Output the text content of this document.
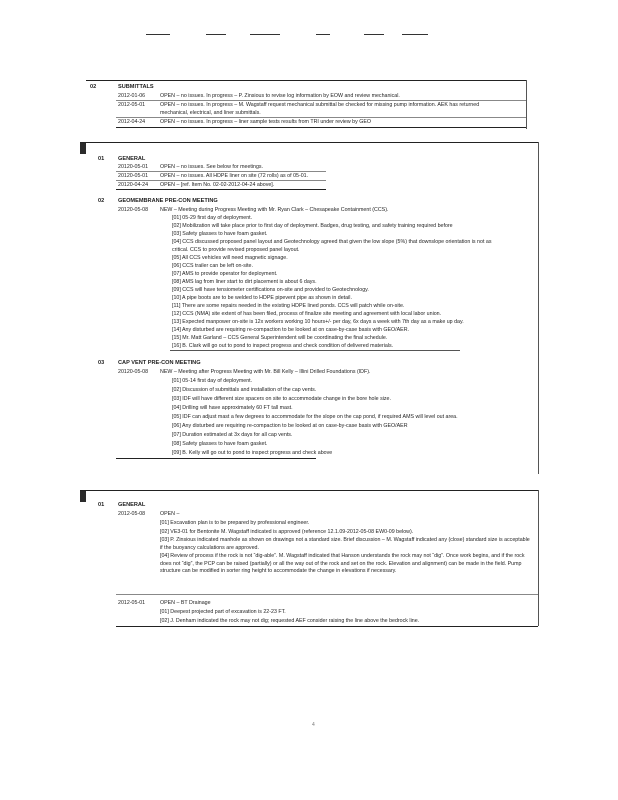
02	SUBMITTALS
2012-01-06	OPEN – no issues. In progress – P. Zinsious to revise log information by EOW and review mechanical.
2012-05-01	OPEN – no issues. In progress – M. Wagstaff request mechanical submittal be checked for missing pump information. AEK has returned
mechanical, electrical, and liner submittals.
2012-04-24	OPEN – no issues. In progress – liner sample tests results from TRI under review by GEO
01 GENERAL
20120-05-01 OPEN – no issues. See below for meetings.
20120-05-01 OPEN – no issues. All HDPE liner on site (72 rolls) as of 05-01.
20120-04-24 OPEN – [ref. Item No. 02-02-2012-04-24 above].
02 GEOMEMBRANE PRE-CON MEETING
20120-05-08 NEW – Meeting during Progress Meeting with Mr. Ryan Clark – Chesapeake Containment (CCS).
[01] 05-29 first day of deployment.
[02] Mobilization will take place prior to first day of deployment. Badges, drug testing, and safety training required before
[03] Safety glasses to have foam gasket.
[04] CCS discussed proposed panel layout and Geotechnology agreed that given the low slope (5%) that downslope orientation is not as
critical. CCS to provide revised proposed panel layout.
[05] All CCS vehicles will need magnetic signage.
[06] CCS trailer can be left on-site.
[07] AMS to provide operator for deployment.
[08] AMS lag from liner start to dirt placement is about 6 days.
[09] CCS will have tensiometer certifications on-site and provided to Geotechnology.
[10] A pipe boots are to be welded to HDPE pipevent pipe as shown in detail.
[11] There are some repairs needed in the existing HDPE lined ponds. CCS will patch while on-site.
[12] CCS (NMA) site extent of has been filed, process of finalize site meeting and agreement with local labor union.
[13] Expected manpower on-site is 12x workers working 10 hours+/- per day, 6x days a week with 7th day as a make up day.
[14] Any disturbed are requiring re-compaction to be looked at on case-by-case basis with GEO/AER.
[15] Mr. Matt Garland – CCS General Superintendent will be coordinating the final schedule.
[16] B. Clark will go out to pond to inspect progress and check condition of delivered materials.
03 CAP VENT PRE-CON MEETING
20120-05-08 NEW – Meeting after Progress Meeting with Mr. Bill Kelly – Illini Drilled Foundations (IDF).
[01] 05-14 first day of deployment.
[02] Discussion of submittals and installation of the cap vents.
[03] IDF will have different size spacers on site to accommodate change in the bore hole size.
[04] Drilling will have approximately 60 FT tall mast.
[05] IDF can adjust mast a few degrees to accommodate for the slope on the cap pond, if required AMS will level out area.
[06] Any disturbed are requiring re-compaction to be looked at on case-by-case basis with GEO/AER
[07] Duration estimated at 3x days for all cap vents.
[08] Safety glasses to have foam gasket.
[09] B. Kelly will go out to pond to inspect progress and check above
01 GENERAL
2012-05-08	OPEN –
[01] Excavation plan is to be prepared by professional engineer.
[02] VE3-01 for Bentonite M. Wagstaff indicated is approved (reference 12.1.09-2012-05-08 EW0-09 below).
[03] P. Zinsious indicated manhole as shown on drawings not a standard size. Brief discussion – M. Wagstaff indicated any (close) standard size is acceptable if the buoyancy calculations are approved.
[04] Review of process if the rock is not “dig-able”. M. Wagstaff indicated that Hanson understands the rock may not “dig”. Once work begins, and if the rock does not “dig”, the PCP can be raised (partially) or all the way out of the rock and set on the rock. Elevation and alignment) can be made in the field. Pump structure can be modified in sorter ring height to accommodate the change in elevations if necessary.
2012-05-01	OPEN – BT Drainage
[01] Deepest projected part of excavation is 22-23 FT.
[02] J. Denham indicated the rock may not dig; requested AEF consider raising the line above the bedrock line.
4
